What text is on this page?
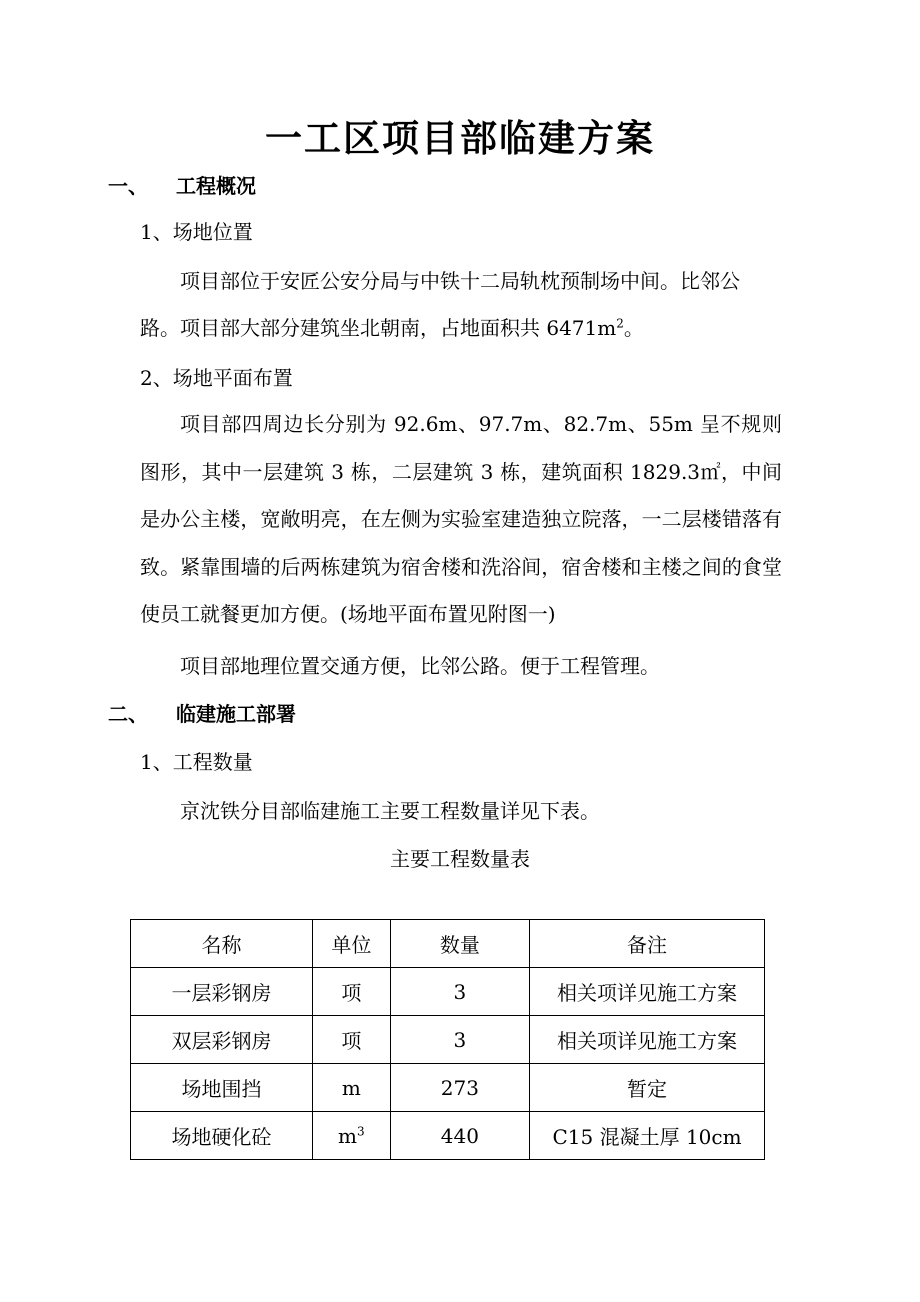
一工区项目部临建方案
一、 工程概况
1、场地位置
项目部位于安匠公安分局与中铁十二局轨枕预制场中间。比邻公
路。项目部大部分建筑坐北朝南，占地面积共 $6471m^2$。
2、场地平面布置
项目部四周边长分别为 92.6m、97.7m、82.7m、55m 呈不规则图形，其中一层建筑 3 栋，二层建筑 3 栋，建筑面积 1829.3㎡，中间是办公主楼，宽敞明亮，在左侧为实验室建造独立院落，一二层楼错落有致。紧靠围墙的后两栋建筑为宿舍楼和洗浴间，宿舍楼和主楼之间的食堂使员工就餐更加方便。(场地平面布置见附图一)
项目部地理位置交通方便，比邻公路。便于工程管理。
二、 临建施工部署
1、工程数量
京沈铁分目部临建施工主要工程数量详见下表。
主要工程数量表
名称	单位	数量	备注
一层彩钢房	项	3	相关项详见施工方案
双层彩钢房	项	3	相关项详见施工方案
场地围挡	m	273	暂定
场地硬化砼	$m^3$	440	C15 混凝土厚 10cm
